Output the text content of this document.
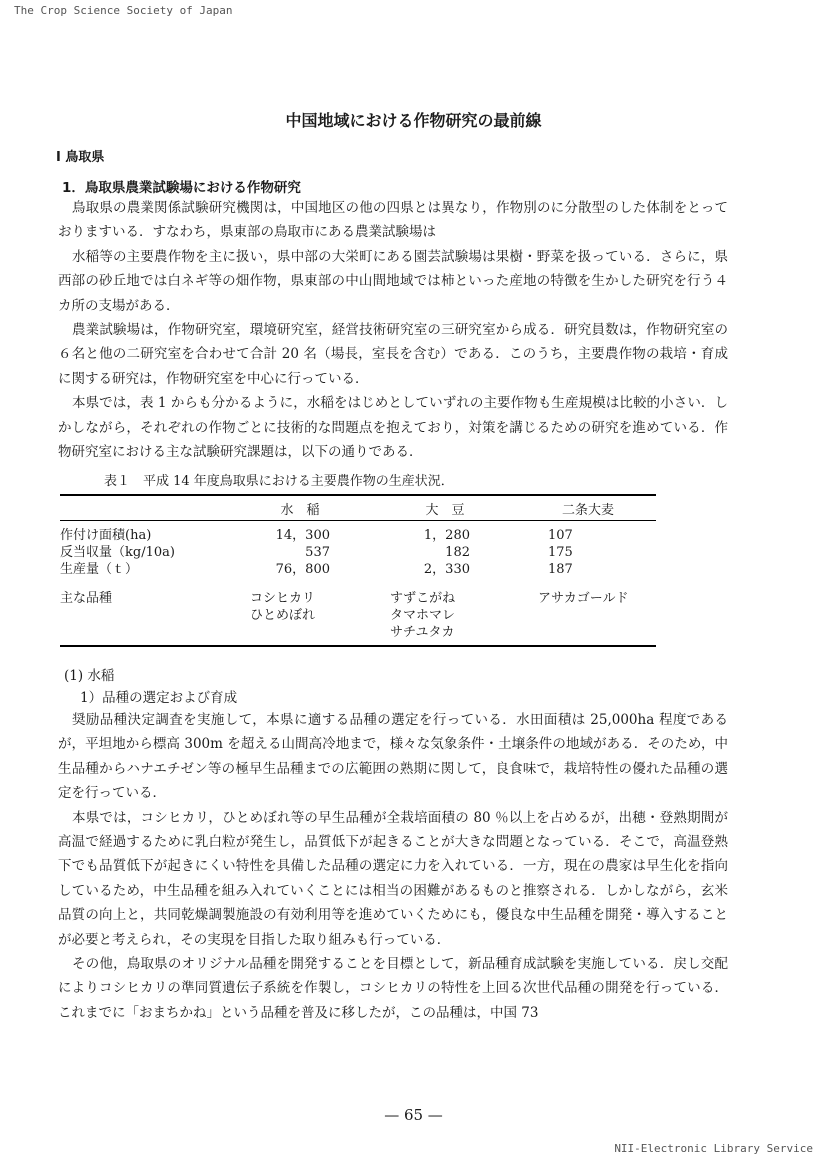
The Crop Science Society of Japan
中国地域における作物研究の最前線
I 鳥取県
1．鳥取県農業試験場における作物研究

鳥取県の農業関係試験研究機関は，中国地区の他の四県とは異なり，作物別のに分散型のした体制をとっておりますいる．すなわち，県東部の鳥取市にある農業試験場は

水稲等の主要農作物を主に扱い，県中部の大栄町にある園芸試験場は果樹・野菜を扱っている．さらに，県西部の砂丘地では白ネギ等の畑作物，県東部の中山間地域では柿といった産地の特徴を生かした研究を行う４カ所の支場がある．

農業試験場は，作物研究室，環境研究室，経営技術研究室の三研究室から成る．研究員数は，作物研究室の６名と他の二研究室を合わせて合計 20 名（場長，室長を含む）である．このうち，主要農作物の栽培・育成に関する研究は，作物研究室を中心に行っている．

本県では，表 1 からも分かるように，水稲をはじめとしていずれの主要作物も生産規模は比較的小さい．しかしながら，それぞれの作物ごとに技術的な問題点を抱えており，対策を講じるための研究を進めている．作物研究室における主な試験研究課題は，以下の通りである．

表１　平成 14 年度鳥取県における主要農作物の生産状況．
	水　稲	大　豆	二条大麦

作付け面積(ha)	14，300	1，280	107
反当収量（kg/10a)	537	182	175
生産量（ｔ）	76，800	2，330	187

主な品種	コシヒカリ	すずこがね	アサカゴールド

	ひとめぼれ	タマホマレ	

		サチユタカ	

(1) 水稲
1）品種の選定および育成

奨励品種決定調査を実施して，本県に適する品種の選定を行っている．水田面積は 25,000ha 程度であるが，平坦地から標高 300m を超える山間高冷地まで，様々な気象条件・土壌条件の地域がある．そのため，中生品種からハナエチゼン等の極早生品種までの広範囲の熟期に関して，良食味で，栽培特性の優れた品種の選定を行っている．

本県では，コシヒカリ，ひとめぼれ等の早生品種が全栽培面積の 80 ％以上を占めるが，出穂・登熟期間が高温で経過するために乳白粒が発生し，品質低下が起きることが大きな問題となっている．そこで，高温登熟下でも品質低下が起きにくい特性を具備した品種の選定に力を入れている．一方，現在の農家は早生化を指向しているため，中生品種を組み入れていくことには相当の困難があるものと推察される．しかしながら，玄米品質の向上と，共同乾燥調製施設の有効利用等を進めていくためにも，優良な中生品種を開発・導入することが必要と考えられ，その実現を目指した取り組みも行っている．

その他，鳥取県のオリジナル品種を開発することを目標として，新品種育成試験を実施している．戻し交配によりコシヒカリの準同質遺伝子系統を作製し，コシヒカリの特性を上回る次世代品種の開発を行っている．これまでに「おまちかね」という品種を普及に移したが，この品種は，中国 73

— 65 —
NII-Electronic Library Service
